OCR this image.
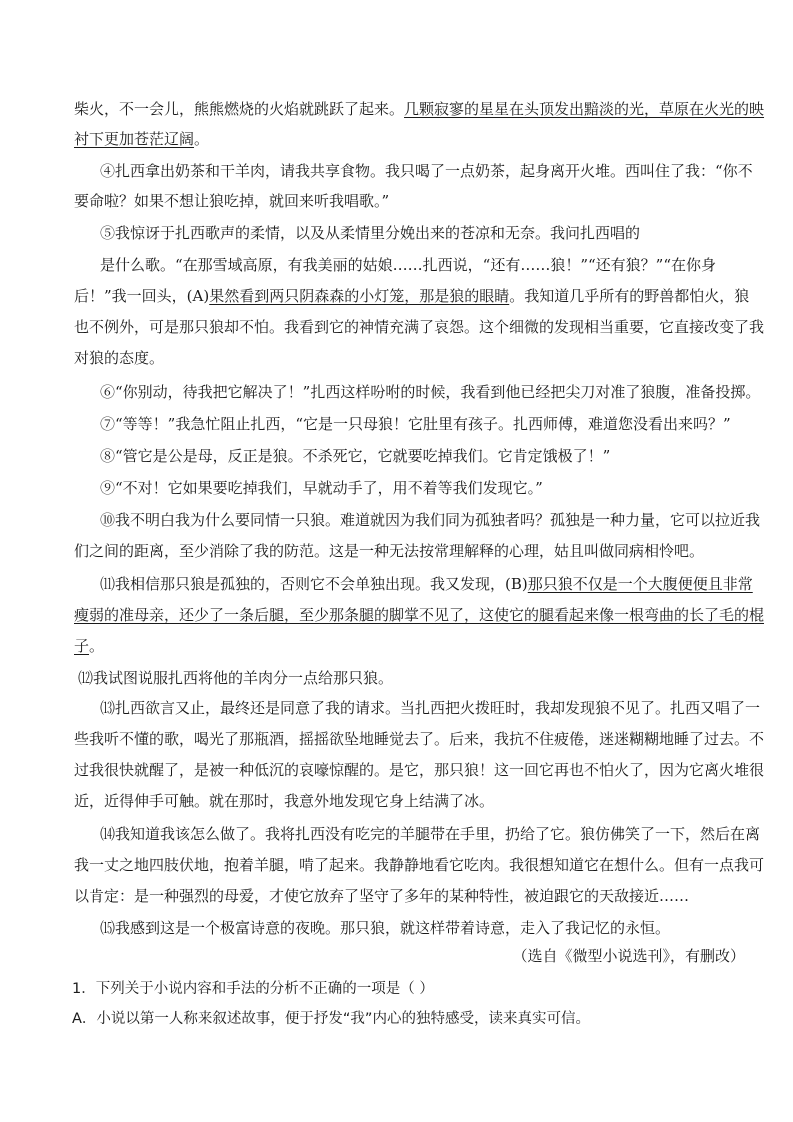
柴火，不一会儿，熊熊燃烧的火焰就跳跃了起来。几颗寂寥的星星在头顶发出黯淡的光，草原在火光的映
衬下更加苍茫辽阔。
④扎西拿出奶茶和干羊肉，请我共享食物。我只喝了一点奶茶，起身离开火堆。西叫住了我：“你不
要命啦？如果不想让狼吃掉，就回来听我唱歌。”
⑤我惊讶于扎西歌声的柔情，以及从柔情里分娩出来的苍凉和无奈。我问扎西唱的
是什么歌。“在那雪域高原，有我美丽的姑娘……扎西说，“还有……狼！”“还有狼？”“在你身
后！”我一回头，(A)果然看到两只阴森森的小灯笼，那是狼的眼睛。我知道几乎所有的野兽都怕火，狼
也不例外，可是那只狼却不怕。我看到它的神情充满了哀怨。这个细微的发现相当重要，它直接改变了我
对狼的态度。
⑥“你别动，待我把它解决了！”扎西这样吩咐的时候，我看到他已经把尖刀对准了狼腹，准备投掷。
⑦“等等！”我急忙阻止扎西，“它是一只母狼！它肚里有孩子。扎西师傅，难道您没看出来吗？”
⑧“管它是公是母，反正是狼。不杀死它，它就要吃掉我们。它肯定饿极了！”
⑨“不对！它如果要吃掉我们，早就动手了，用不着等我们发现它。”
⑩我不明白我为什么要同情一只狼。难道就因为我们同为孤独者吗？孤独是一种力量，它可以拉近我
们之间的距离，至少消除了我的防范。这是一种无法按常理解释的心理，姑且叫做同病相怜吧。
⑾我相信那只狼是孤独的，否则它不会单独出现。我又发现，(B)那只狼不仅是一个大腹便便且非常
瘦弱的准母亲，还少了一条后腿，至少那条腿的脚掌不见了，这使它的腿看起来像一根弯曲的长了毛的棍
子。
⑿我试图说服扎西将他的羊肉分一点给那只狼。
⒀扎西欲言又止，最终还是同意了我的请求。当扎西把火拨旺时，我却发现狼不见了。扎西又唱了一
些我听不懂的歌，喝光了那瓶酒，摇摇欲坠地睡觉去了。后来，我抗不住疲倦，迷迷糊糊地睡了过去。不
过我很快就醒了，是被一种低沉的哀嚎惊醒的。是它，那只狼！这一回它再也不怕火了，因为它离火堆很
近，近得伸手可触。就在那时，我意外地发现它身上结满了冰。
⒁我知道我该怎么做了。我将扎西没有吃完的羊腿带在手里，扔给了它。狼仿佛笑了一下，然后在离
我一丈之地四肢伏地，抱着羊腿，啃了起来。我静静地看它吃肉。我很想知道它在想什么。但有一点我可
以肯定：是一种强烈的母爱，才使它放弃了坚守了多年的某种特性，被迫跟它的天敌接近……
⒂我感到这是一个极富诗意的夜晚。那只狼，就这样带着诗意，走入了我记忆的永恒。
（选自《微型小说选刊》，有删改）
1．下列关于小说内容和手法的分析不正确的一项是（ ）
A．小说以第一人称来叙述故事，便于抒发“我”内心的独特感受，读来真实可信。
